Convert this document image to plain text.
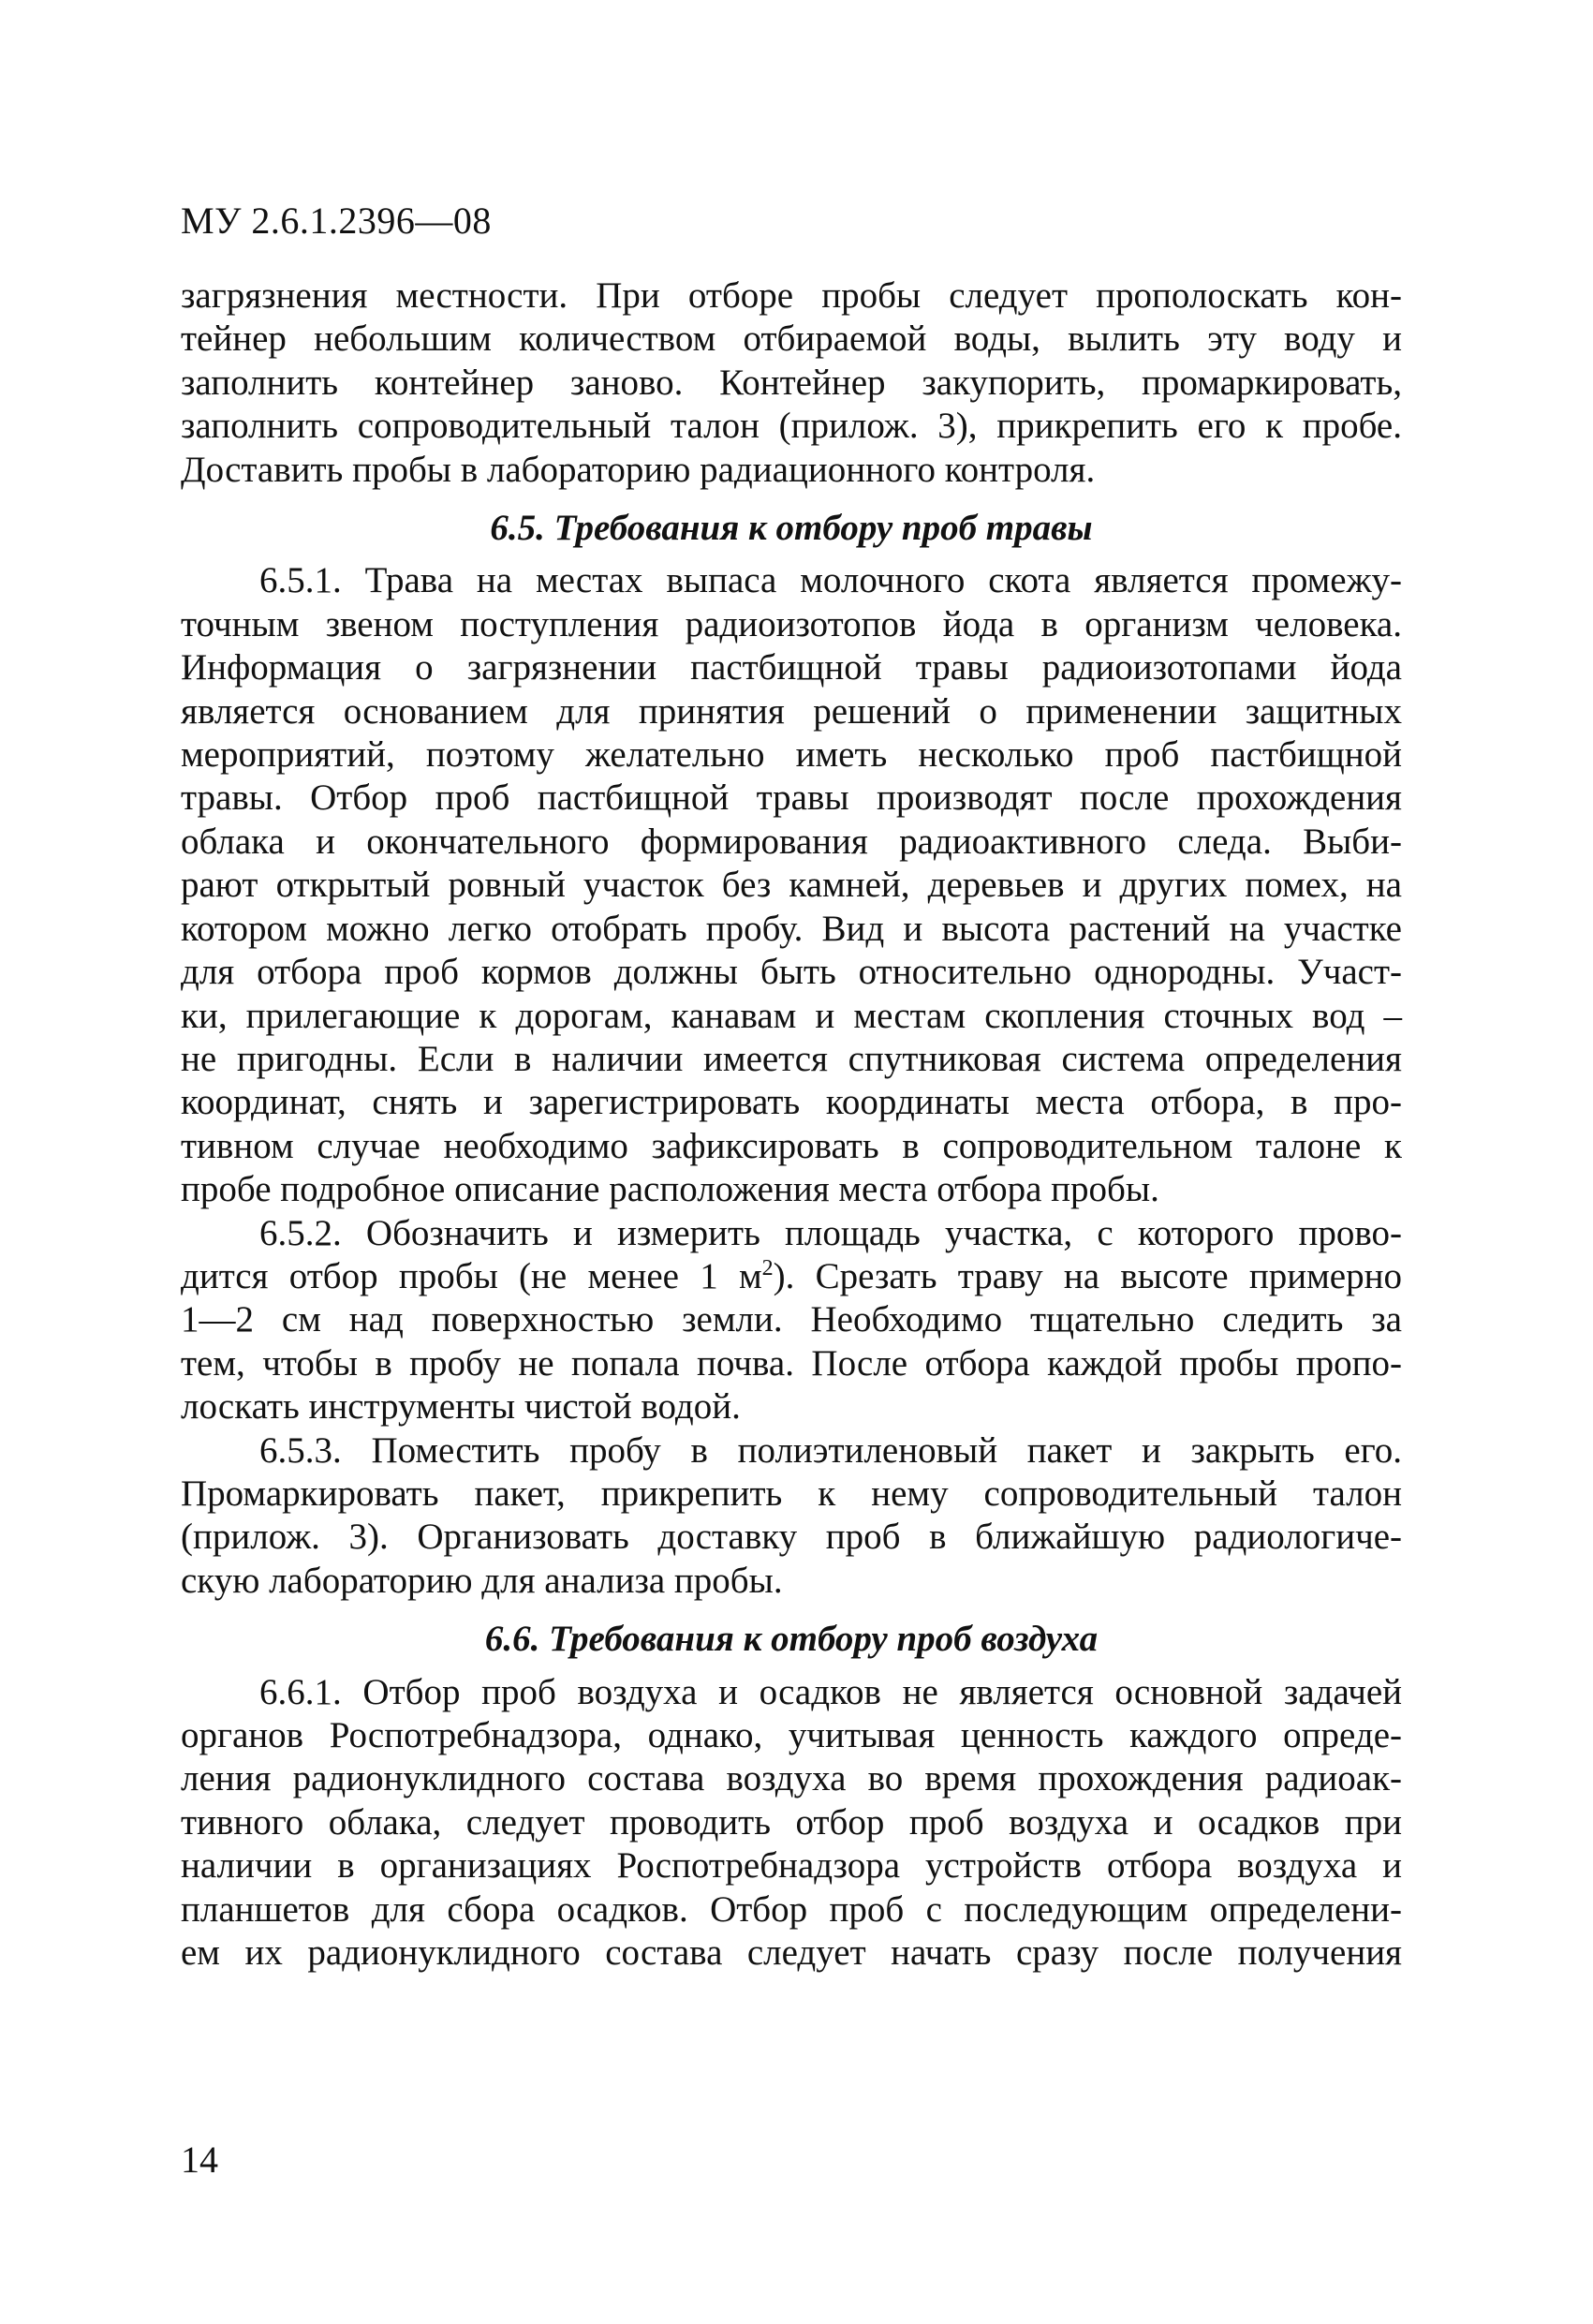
МУ 2.6.1.2396—08
загрязнения местности. При отборе пробы следует прополоскать кон-
тейнер небольшим количеством отбираемой воды, вылить эту воду и
заполнить контейнер заново. Контейнер закупорить, промаркировать,
заполнить сопроводительный талон (прилож. 3), прикрепить его к пробе.
Доставить пробы в лабораторию радиационного контроля.
6.5. Требования к отбору проб травы
6.5.1. Трава на местах выпаса молочного скота является промежу-
точным звеном поступления радиоизотопов йода в организм человека.
Информация о загрязнении пастбищной травы радиоизотопами йода
является основанием для принятия решений о применении защитных
мероприятий, поэтому желательно иметь несколько проб пастбищной
травы. Отбор проб пастбищной травы производят после прохождения
облака и окончательного формирования радиоактивного следа. Выби-
рают открытый ровный участок без камней, деревьев и других помех, на
котором можно легко отобрать пробу. Вид и высота растений на участке
для отбора проб кормов должны быть относительно однородны. Участ-
ки, прилегающие к дорогам, канавам и местам скопления сточных вод –
не пригодны. Если в наличии имеется спутниковая система определения
координат, снять и зарегистрировать координаты места отбора, в про-
тивном случае необходимо зафиксировать в сопроводительном талоне к
пробе подробное описание расположения места отбора пробы.
6.5.2. Обозначить и измерить площадь участка, с которого прово-
дится отбор пробы (не менее 1 $м^2$). Срезать траву на высоте примерно
1—2 см над поверхностью земли. Необходимо тщательно следить за
тем, чтобы в пробу не попала почва. После отбора каждой пробы пропо-
лоскать инструменты чистой водой.
6.5.3. Поместить пробу в полиэтиленовый пакет и закрыть его.
Промаркировать пакет, прикрепить к нему сопроводительный талон
(прилож. 3). Организовать доставку проб в ближайшую радиологиче-
скую лабораторию для анализа пробы.
6.6. Требования к отбору проб воздуха
6.6.1. Отбор проб воздуха и осадков не является основной задачей
органов Роспотребнадзора, однако, учитывая ценность каждого опреде-
ления радионуклидного состава воздуха во время прохождения радиоак-
тивного облака, следует проводить отбор проб воздуха и осадков при
наличии в организациях Роспотребнадзора устройств отбора воздуха и
планшетов для сбора осадков. Отбор проб с последующим определени-
ем их радионуклидного состава следует начать сразу после получения
14
